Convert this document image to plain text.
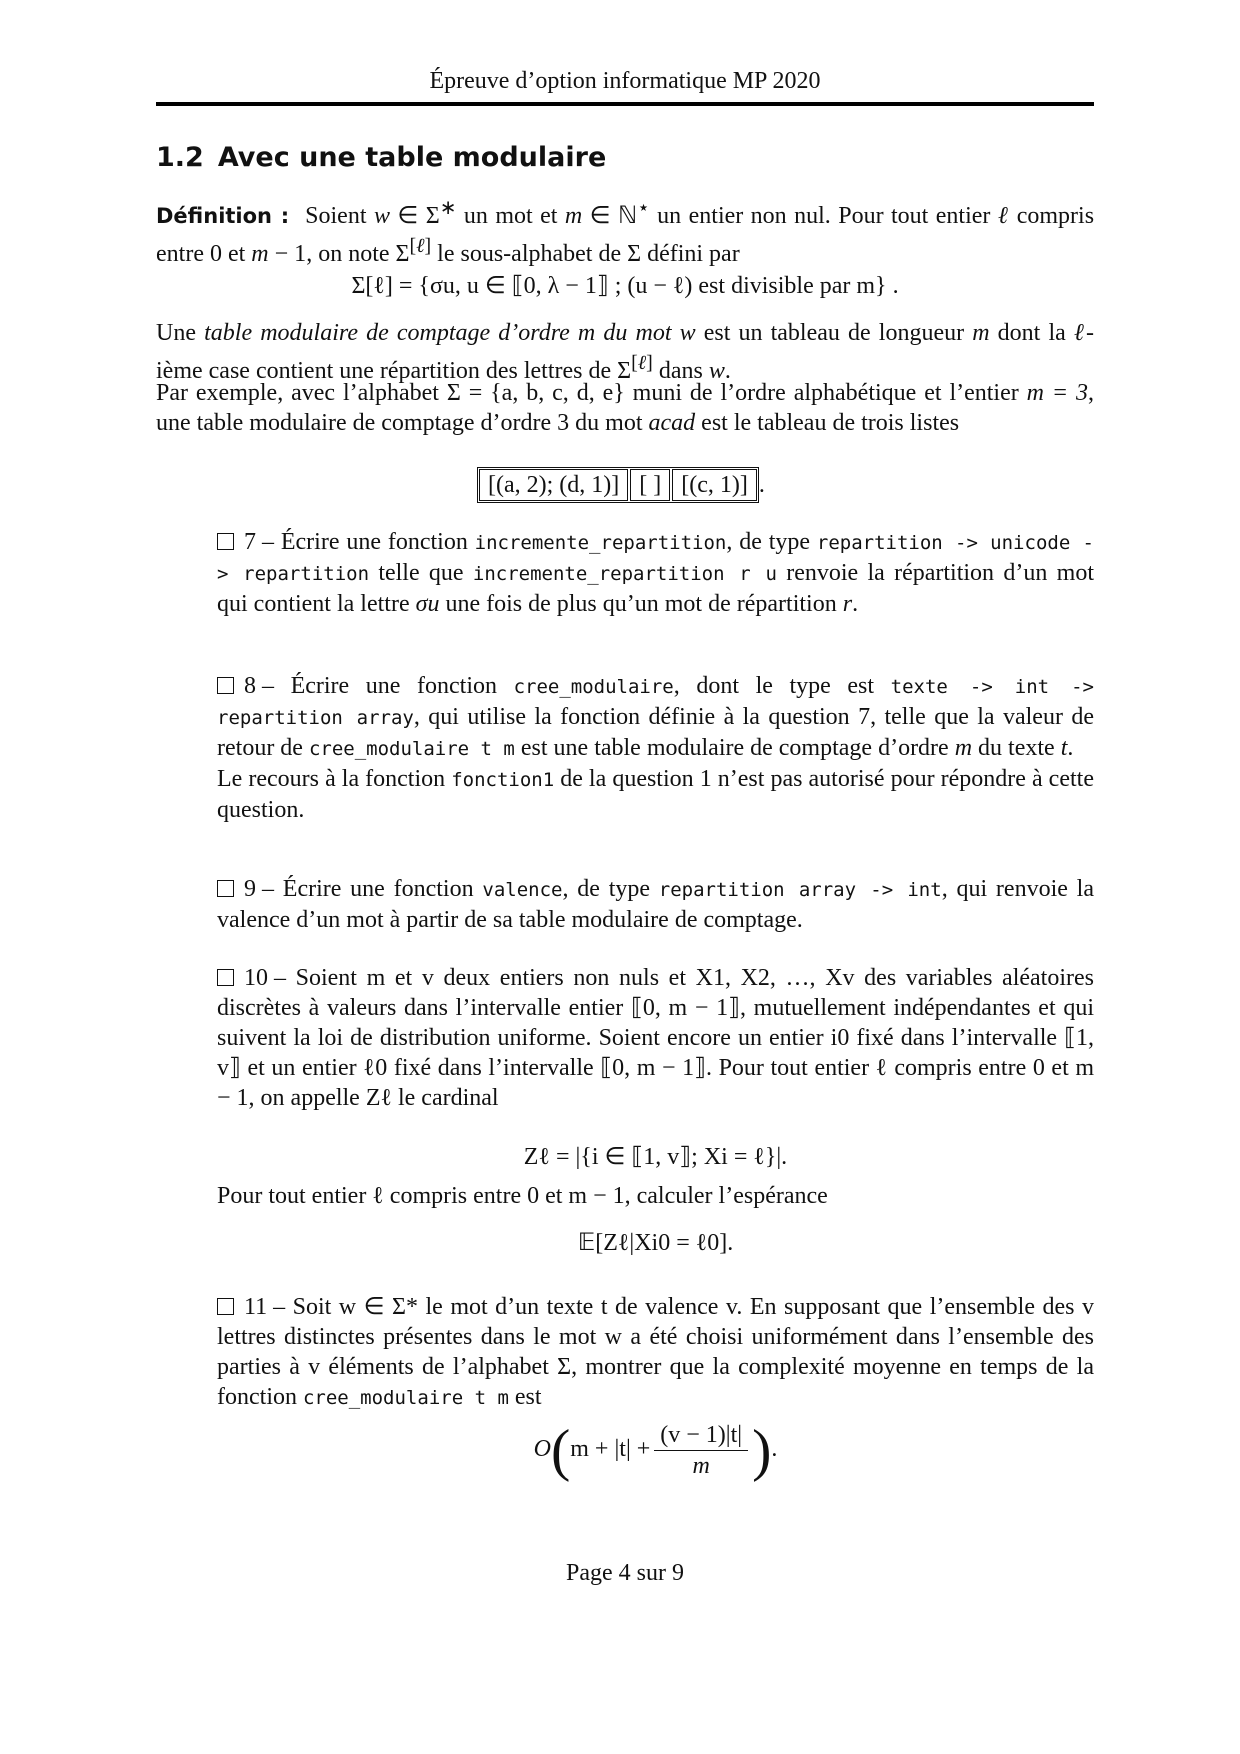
Épreuve d’option informatique MP 2020
1.2 Avec une table modulaire
Définition : Soient w ∈ Σ∗ un mot et m ∈ ℕ⋆ un entier non nul. Pour tout entier ℓ compris entre 0 et m − 1, on note Σ[ℓ] le sous-alphabet de Σ défini par
Σ[ℓ] = {σu, u ∈ ⟦0, λ − 1⟧ ; (u − ℓ) est divisible par m} .
Une table modulaire de comptage d’ordre m du mot w est un tableau de longueur m dont la ℓ-ième case contient une répartition des lettres de Σ[ℓ] dans w.
Par exemple, avec l’alphabet Σ = {a, b, c, d, e} muni de l’ordre alphabétique et l’entier m = 3, une table modulaire de comptage d’ordre 3 du mot acad est le tableau de trois listes
[(a, 2); (d, 1)] [ ] [(c, 1)] .
7 – Écrire une fonction incremente_repartition, de type repartition -> unicode -> repartition telle que incremente_repartition r u renvoie la répartition d’un mot qui contient la lettre σu une fois de plus qu’un mot de répartition r.
8 – Écrire une fonction cree_modulaire, dont le type est texte -> int -> repartition array, qui utilise la fonction définie à la question 7, telle que la valeur de retour de cree_modulaire t m est une table modulaire de comptage d’ordre m du texte t.
Le recours à la fonction fonction1 de la question 1 n’est pas autorisé pour répondre à cette question.
9 – Écrire une fonction valence, de type repartition array -> int, qui renvoie la valence d’un mot à partir de sa table modulaire de comptage.
10 – Soient m et v deux entiers non nuls et X1, X2, …, Xv des variables aléatoires discrètes à valeurs dans l’intervalle entier ⟦0, m − 1⟧, mutuellement indépendantes et qui suivent la loi de distribution uniforme. Soient encore un entier i0 fixé dans l’intervalle ⟦1, v⟧ et un entier ℓ0 fixé dans l’intervalle ⟦0, m − 1⟧. Pour tout entier ℓ compris entre 0 et m − 1, on appelle Zℓ le cardinal
Zℓ = |{i ∈ ⟦1, v⟧; Xi = ℓ}|.
Pour tout entier ℓ compris entre 0 et m − 1, calculer l’espérance
𝔼[Zℓ|Xi0 = ℓ0].
11 – Soit w ∈ Σ* le mot d’un texte t de valence v. En supposant que l’ensemble des v lettres distinctes présentes dans le mot w a été choisi uniformément dans l’ensemble des parties à v éléments de l’alphabet Σ, montrer que la complexité moyenne en temps de la fonction cree_modulaire t m est
$O(m + |t| + \frac{(v - 1)|t|}{m}$ ).
Page 4 sur 9
